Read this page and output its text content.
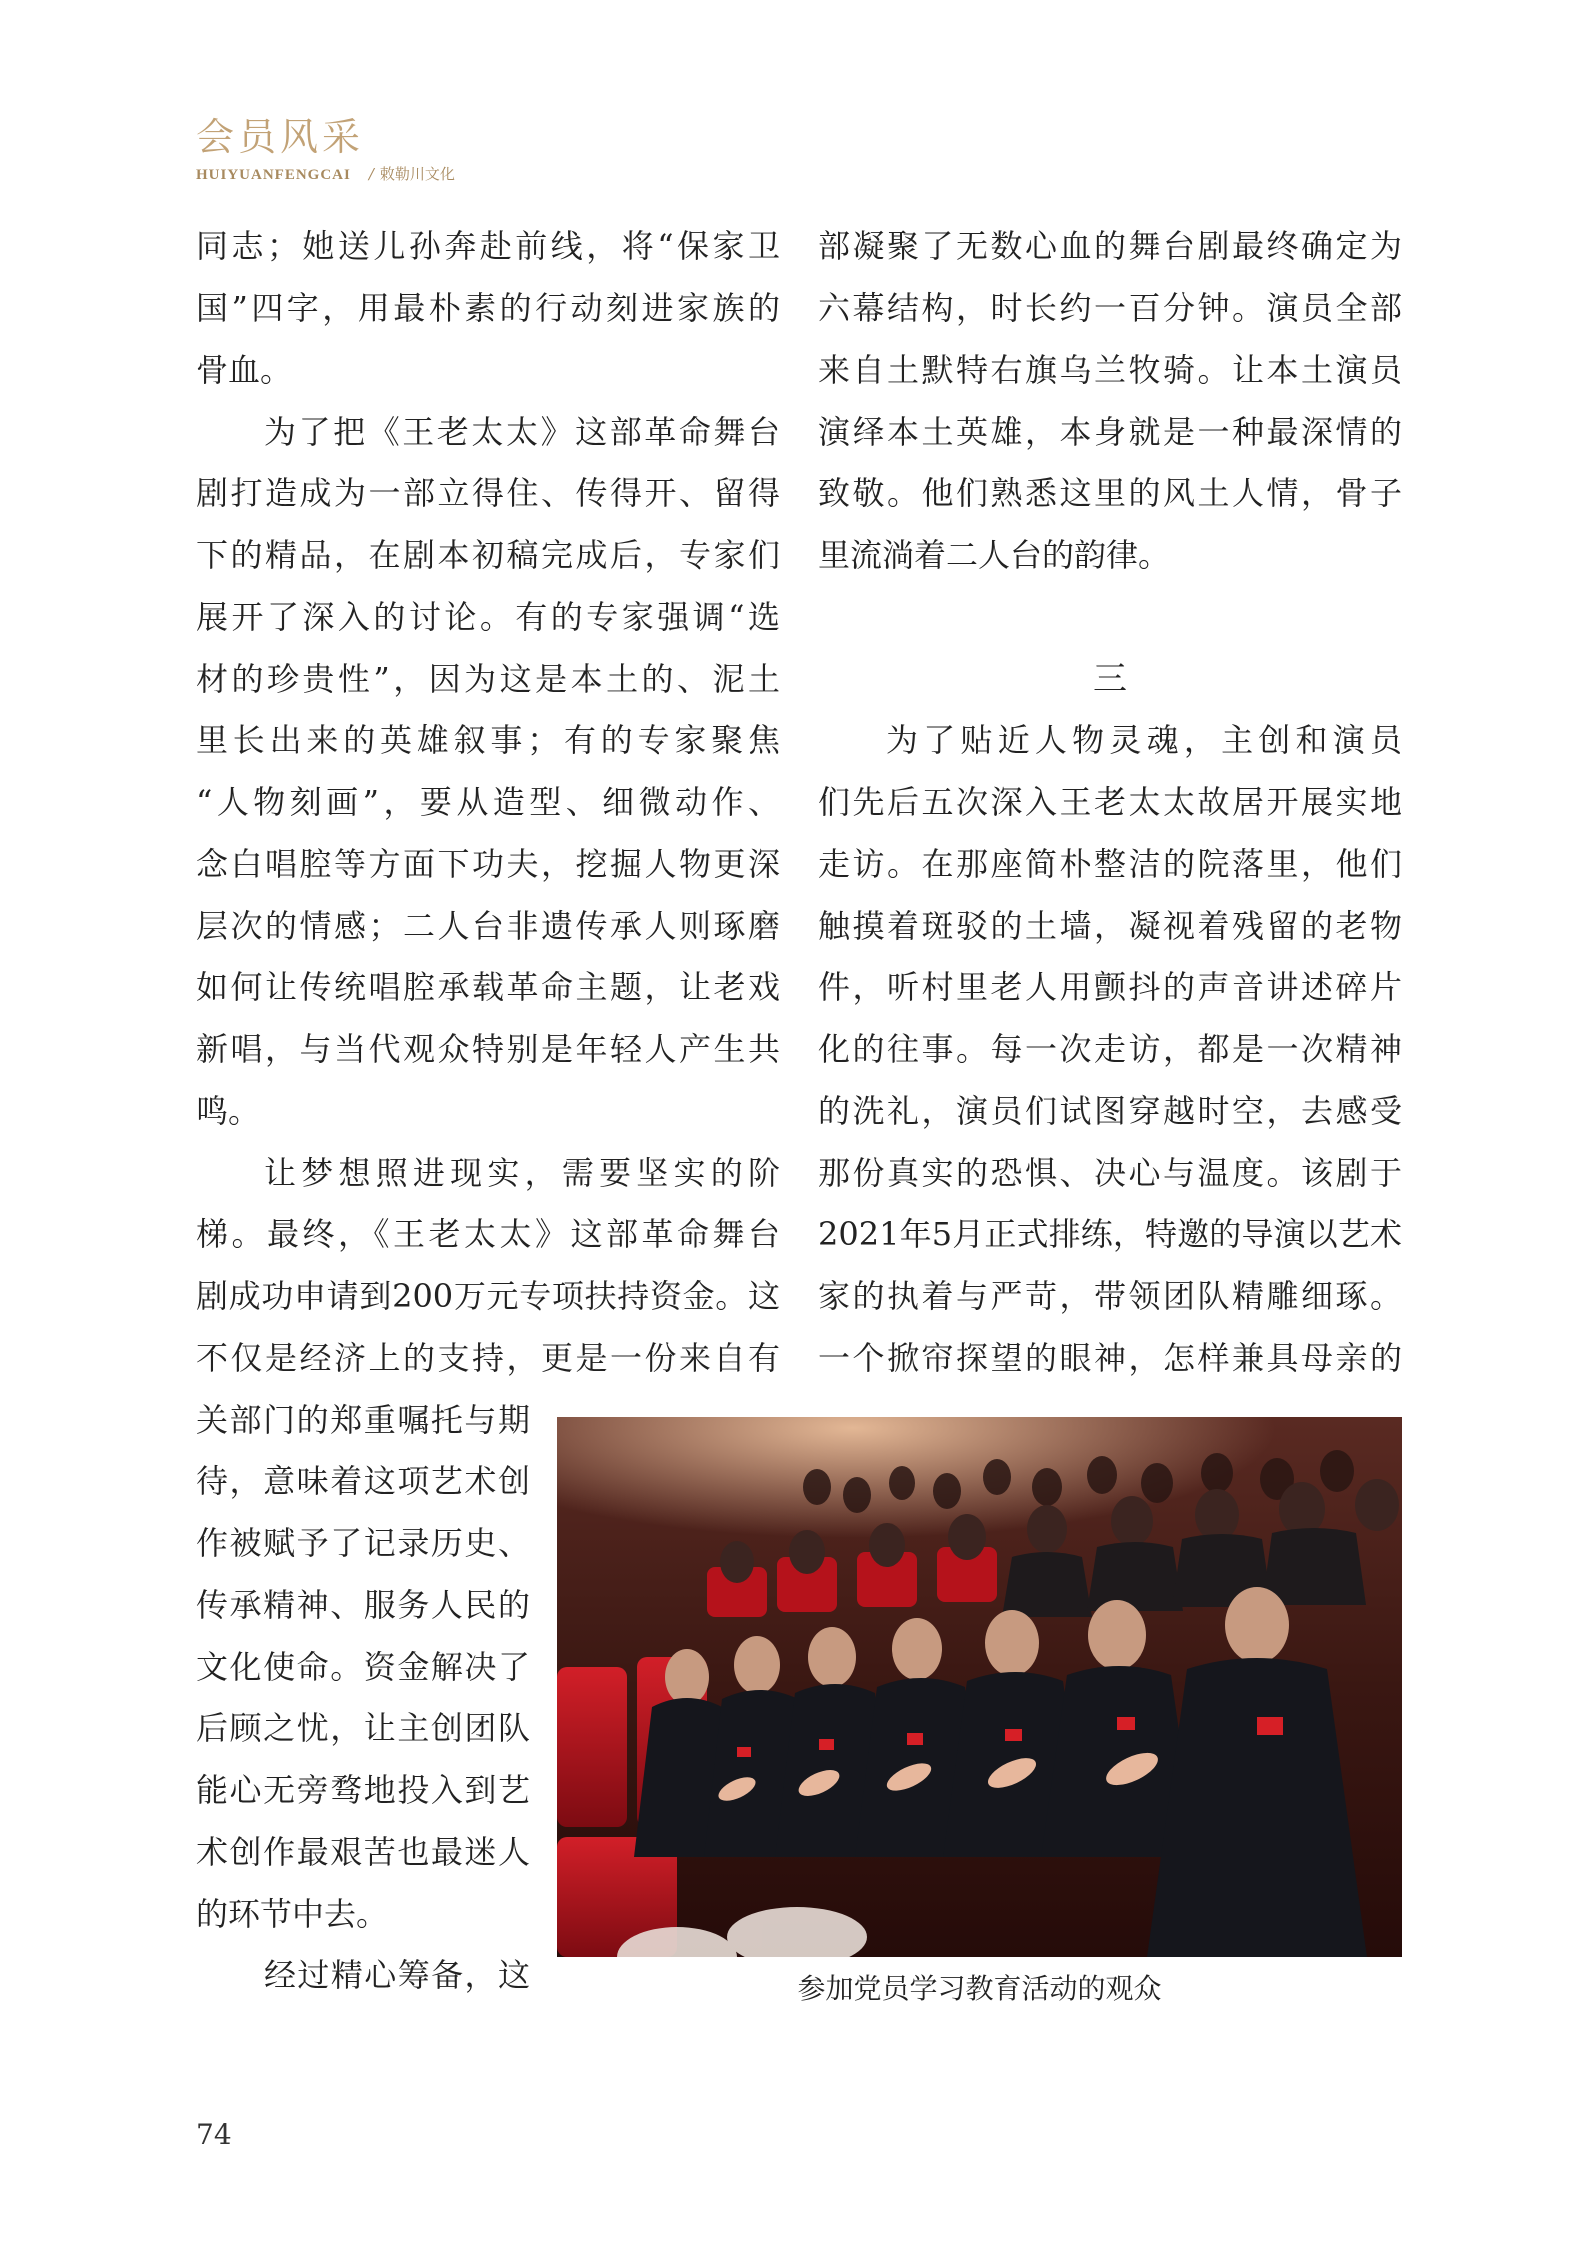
会员风采
HUIYUANFENGCAI / 敕勒川文化
同志；她送儿孙奔赴前线，将“保家卫
国”四字，用最朴素的行动刻进家族的
骨血。
为了把《王老太太》这部革命舞台
剧打造成为一部立得住、传得开、留得
下的精品，在剧本初稿完成后，专家们
展开了深入的讨论。有的专家强调“选
材的珍贵性”，因为这是本土的、泥土
里长出来的英雄叙事；有的专家聚焦
“人物刻画”，要从造型、细微动作、
念白唱腔等方面下功夫，挖掘人物更深
层次的情感；二人台非遗传承人则琢磨
如何让传统唱腔承载革命主题，让老戏
新唱，与当代观众特别是年轻人产生共
鸣。
让梦想照进现实，需要坚实的阶
梯。最终，《王老太太》这部革命舞台
剧成功申请到200万元专项扶持资金。这
不仅是经济上的支持，更是一份来自有
关部门的郑重嘱托与期
待，意味着这项艺术创
作被赋予了记录历史、
传承精神、服务人民的
文化使命。资金解决了
后顾之忧，让主创团队
能心无旁骛地投入到艺
术创作最艰苦也最迷人
的环节中去。
经过精心筹备，这
部凝聚了无数心血的舞台剧最终确定为
六幕结构，时长约一百分钟。演员全部
来自土默特右旗乌兰牧骑。让本土演员
演绎本土英雄，本身就是一种最深情的
致敬。他们熟悉这里的风土人情，骨子
里流淌着二人台的韵律。
三
为了贴近人物灵魂，主创和演员
们先后五次深入王老太太故居开展实地
走访。在那座简朴整洁的院落里，他们
触摸着斑驳的土墙，凝视着残留的老物
件，听村里老人用颤抖的声音讲述碎片
化的往事。每一次走访，都是一次精神
的洗礼，演员们试图穿越时空，去感受
那份真实的恐惧、决心与温度。该剧于
2021年5月正式排练，特邀的导演以艺术
家的执着与严苛，带领团队精雕细琢。
一个掀帘探望的眼神，怎样兼具母亲的
参加党员学习教育活动的观众
74
